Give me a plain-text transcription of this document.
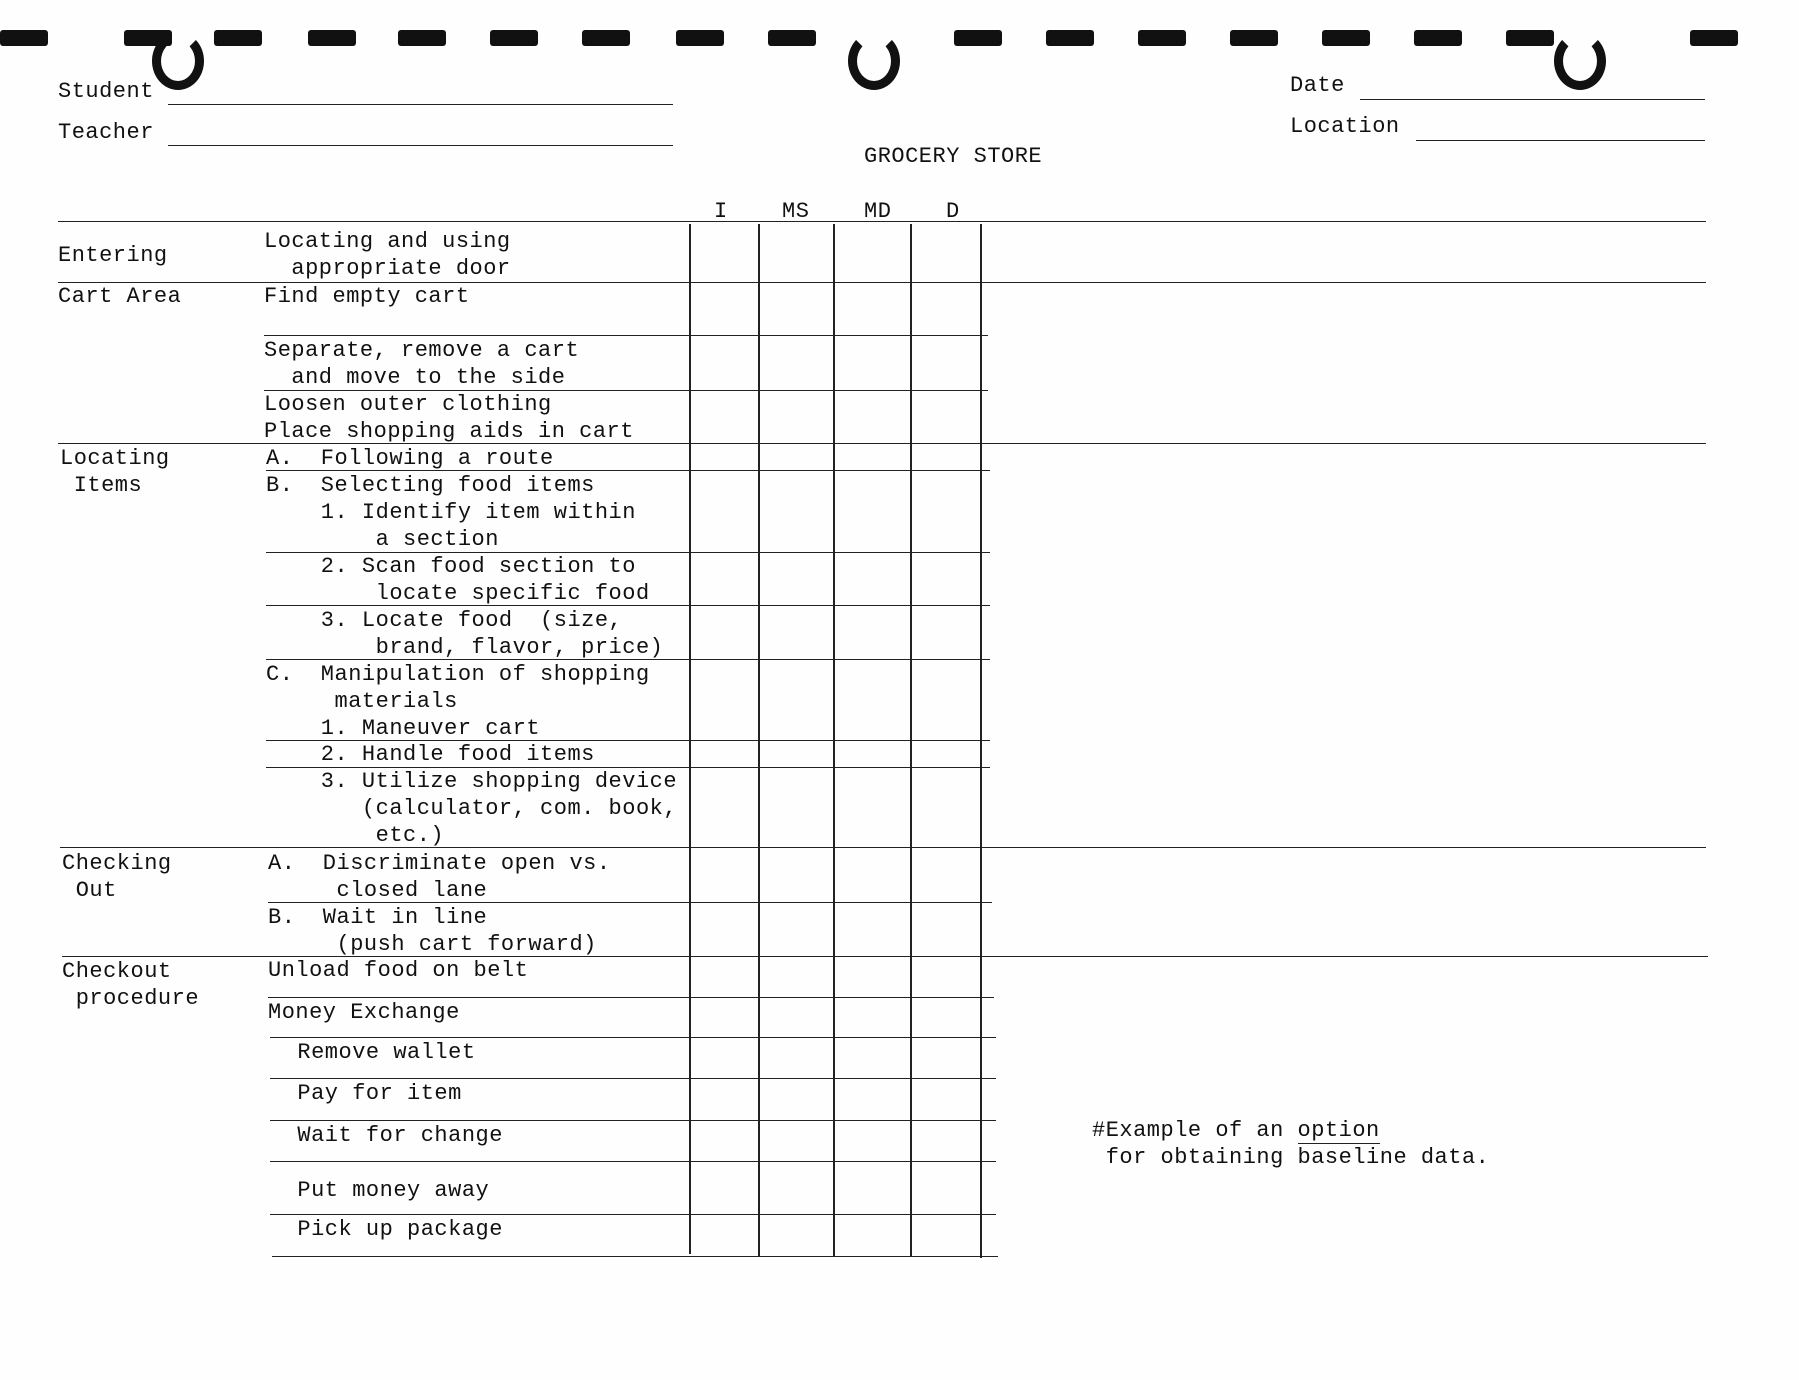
Student
Teacher
Date
Location
GROCERY STORE
I MS MD D
Entering
Locating and using
appropriate door
Cart Area	Find empty cart
Separate, remove a cart
and move to the side
Loosen outer clothing
Place shopping aids in cart
Locating
Items
A.  Following a route
B.  Selecting food items
1. Identify item within
a section
2. Scan food section to
locate specific food
3. Locate food  (size,
brand, flavor, price)
C.  Manipulation of shopping
materials
1. Maneuver cart
2. Handle food items
3. Utilize shopping device
(calculator, com. book,
etc.)
Checking
Out
A.  Discriminate open vs.
closed lane
B.  Wait in line
(push cart forward)
Checkout
procedure
Unload food on belt
Money Exchange
Remove wallet
Pay for item
Wait for change
Put money away
Pick up package
#Example of an option
for obtaining baseline data.
